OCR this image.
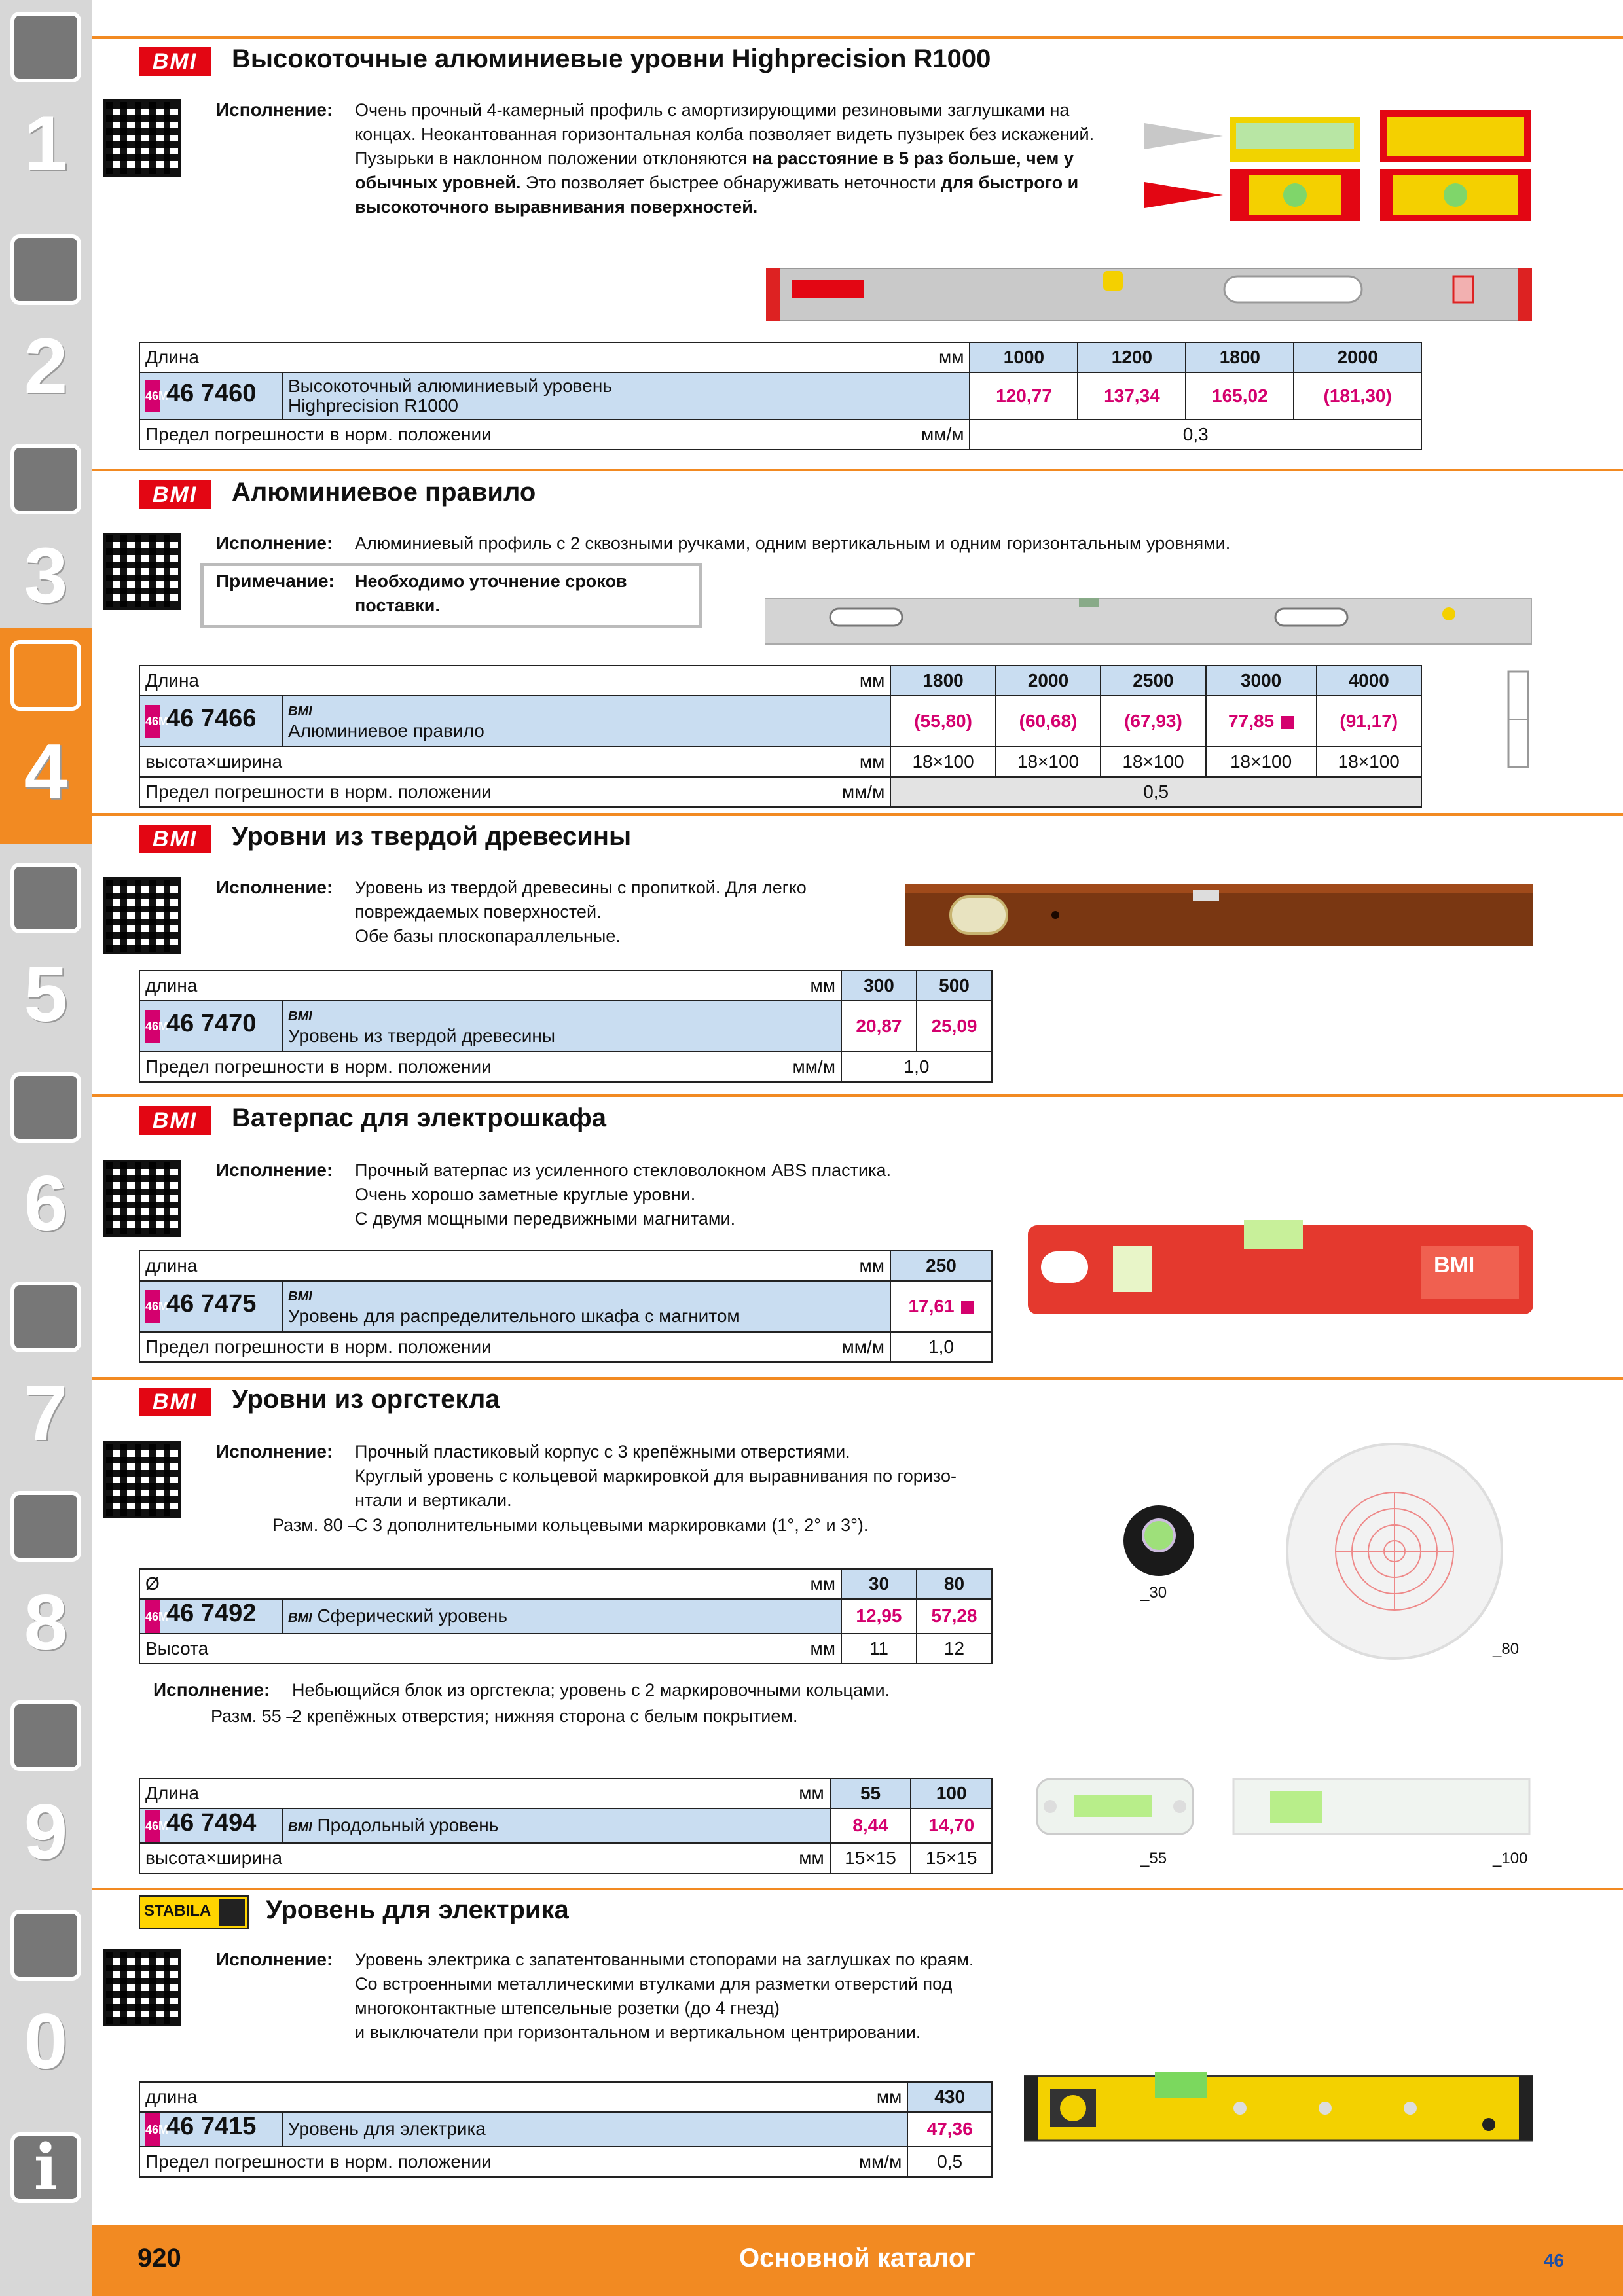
1
2
3
4
5
6
7
8
9
0
i
BMI	Высокоточные алюминиевые уровни Highprecision R1000
Исполнение: Очень прочный 4-камерный профиль с амортизирующими резиновыми заглушками на
концах. Неокантованная горизонтальная колба позволяет видеть пузырек без искажений.
Пузырьки в наклонном положении отклоняются на расстояние в 5 раз больше, чем у
обычных уровней. Это позволяет быстрее обнаруживать неточности для быстрого и
высокоточного выравнивания поверхностей.
Длина мм		1000	1200	1800	2000
46M46 7460	Высокоточный алюминиевый уровень
Highprecision R1000	120,77	137,34	165,02	(181,30)
Предел погрешности в норм. положении мм/м		0,3			
BMI	Алюминиевое правило
Исполнение: Алюминиевый профиль с 2 сквозными ручками, одним вертикальным и одним горизонтальным уровнями.
Примечание: Необходимо уточнение сроков
поставки.
Длина мм		1800	2000	2500	3000	4000
46M46 7466	BMI
Алюминиевое правило	(55,80)	(60,68)	(67,93)	77,85	(91,17)
высота×ширина мм		18×100	18×100	18×100	18×100	18×100
Предел погрешности в норм. положении мм/м		0,5				
BMI	Уровни из твердой древесины
Исполнение: Уровень из твердой древесины с пропиткой. Для легко
повреждаемых поверхностей.
Обе базы плоскопараллельные.
длина мм		300	500
46M46 7470	BMI
Уровень из твердой древесины	20,87	25,09
Предел погрешности в норм. положении мм/м		1,0	
BMI	Ватерпас для электрошкафа
Исполнение: Прочный ватерпас из усиленного стекловолокном ABS пластика.
Очень хорошо заметные круглые уровни.
С двумя мощными передвижными магнитами.
BMI
длина мм		250
46M46 7475	BMI
Уровень для распределительного шкафа с магнитом	17,61
Предел погрешности в норм. положении мм/м		1,0
BMI	Уровни из оргстекла
Исполнение: Прочный пластиковый корпус с 3 крепёжными отверстиями.
Круглый уровень с кольцевой маркировкой для выравнивания по горизо-
нтали и вертикали.
Разм. 80 –
С 3 дополнительными кольцевыми маркировками (1°, 2° и 3°).
_30
_80
Ø мм		30	80
46M46 7492	BMI Сферический уровень	12,95	57,28
Высота мм		11	12
Исполнение: Небьющийся блок из оргстекла; уровень с 2 маркировочными кольцами.
Разм. 55 –
2 крепёжных отверстия; нижняя сторона с белым покрытием.
_55	_100
Длина мм		55	100
46M46 7494	BMI Продольный уровень	8,44	14,70
высота×ширина мм		15×15	15×15
STABILA Уровень для электрика
Исполнение: Уровень электрика с запатентованными стопорами на заглушках по краям.
Со встроенными металлическими втулками для разметки отверстий под
многоконтактные штепсельные розетки (до 4 гнезд)
и выключатели при горизонтальном и вертикальном центрировании.
длина мм		430
46M46 7415	Уровень для электрика	47,36
Предел погрешности в норм. положении мм/м		0,5
920	Основной каталог	46
